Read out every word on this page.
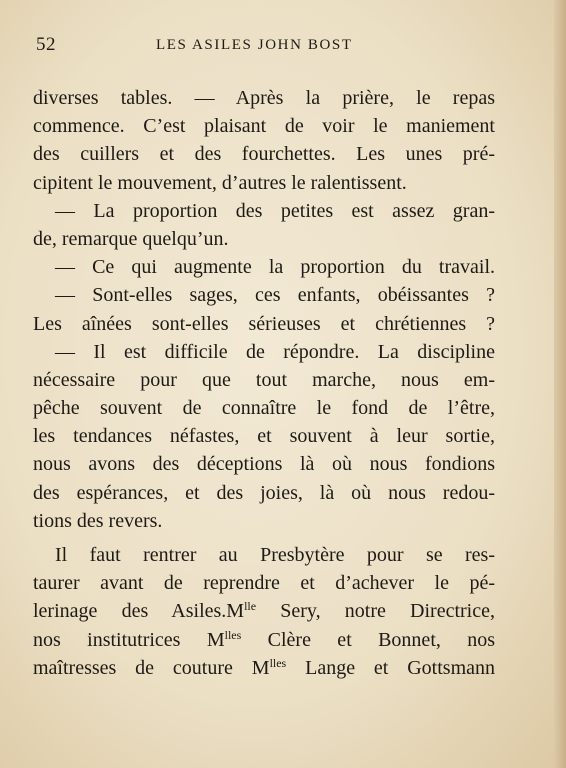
52	LES ASILES JOHN BOST
diverses tables. — Après la prière, le repas
commence. C’est plaisant de voir le maniement
des cuillers et des fourchettes. Les unes pré-
cipitent le mouvement, d’autres le ralentissent.
— La proportion des petites est assez gran-
de, remarque quelqu’un.
— Ce qui augmente la proportion du travail.
— Sont-elles sages, ces enfants, obéissantes ?
Les aînées sont-elles sérieuses et chrétiennes ?
— Il est difficile de répondre. La discipline
nécessaire pour que tout marche, nous em-
pêche souvent de connaître le fond de l’être,
les tendances néfastes, et souvent à leur sortie,
nous avons des déceptions là où nous fondions
des espérances, et des joies, là où nous redou-
tions des revers.
Il faut rentrer au Presbytère pour se res-
taurer avant de reprendre et d’achever le pé-
lerinage des $Asiles.M^{lle}$ Sery, notre Directrice,
nos institutrices $M^{lles}$ Clère et Bonnet, nos
maîtresses de couture $M^{lles}$ Lange et Gottsmann
